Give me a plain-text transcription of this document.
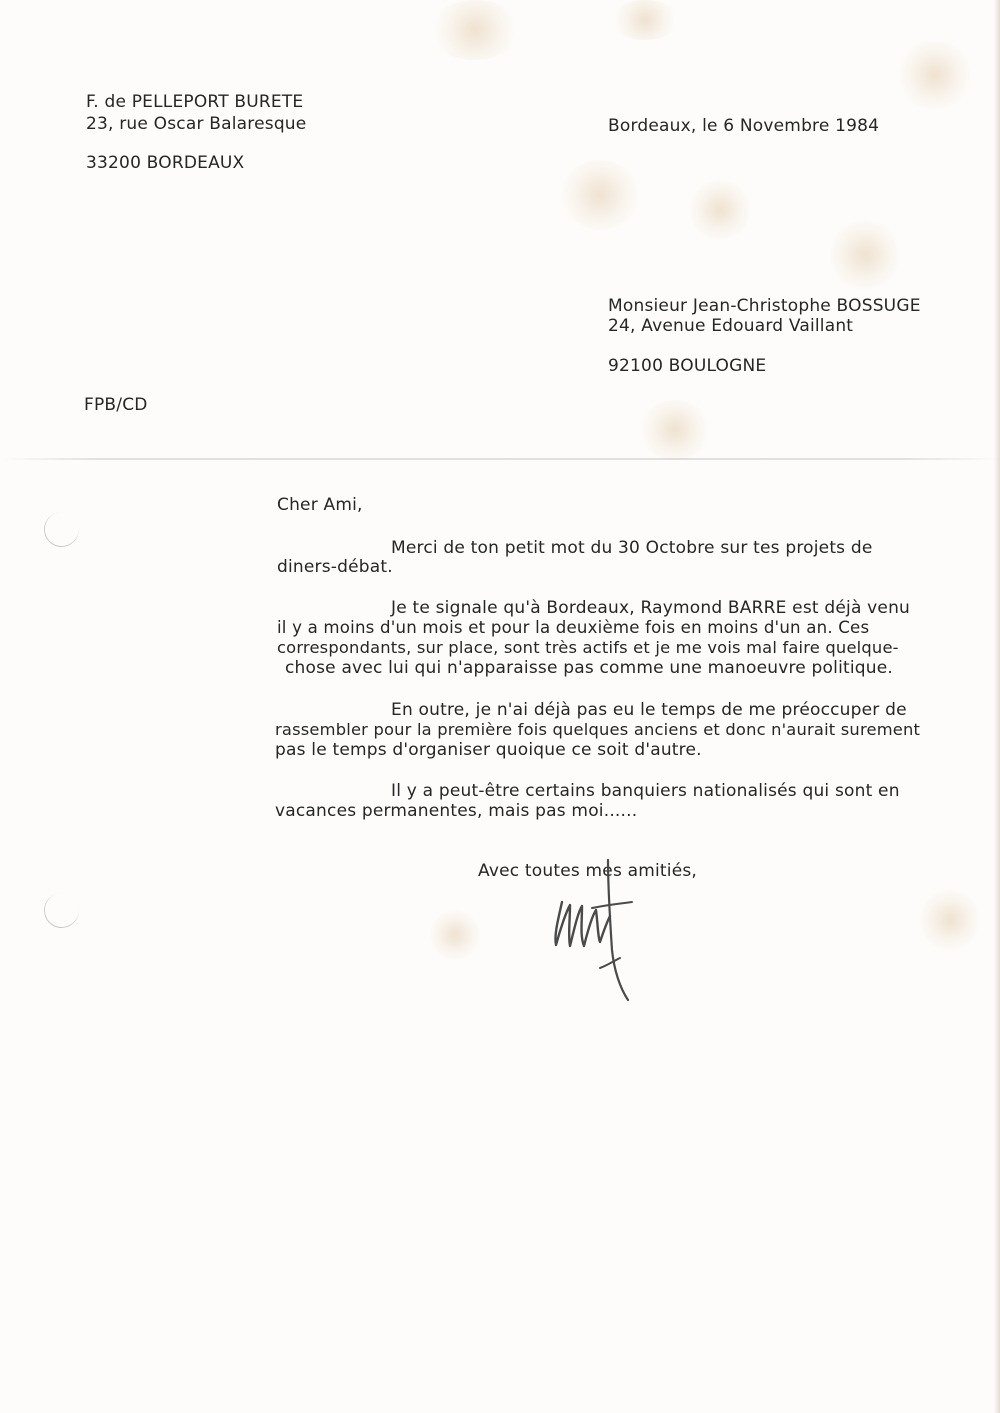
F. de PELLEPORT BURETE
23, rue Oscar Balaresque
33200 BORDEAUX
Bordeaux, le 6 Novembre 1984
Monsieur Jean-Christophe BOSSUGE
24, Avenue Edouard Vaillant
92100 BOULOGNE
FPB/CD
Cher Ami,
Merci de ton petit mot du 30 Octobre sur tes projets de
diners-débat.
Je te signale qu'à Bordeaux, Raymond BARRE est déjà venu
il y a moins d'un mois et pour la deuxième fois en moins d'un an. Ces
correspondants, sur place, sont très actifs et je me vois mal faire quelque-
chose avec lui qui n'apparaisse pas comme une manoeuvre politique.
En outre, je n'ai déjà pas eu le temps de me préoccuper de
rassembler pour la première fois quelques anciens et donc n'aurait surement
pas le temps d'organiser quoique ce soit d'autre.
Il y a peut-être certains banquiers nationalisés qui sont en
vacances permanentes, mais pas moi......
Avec toutes mes amitiés,
